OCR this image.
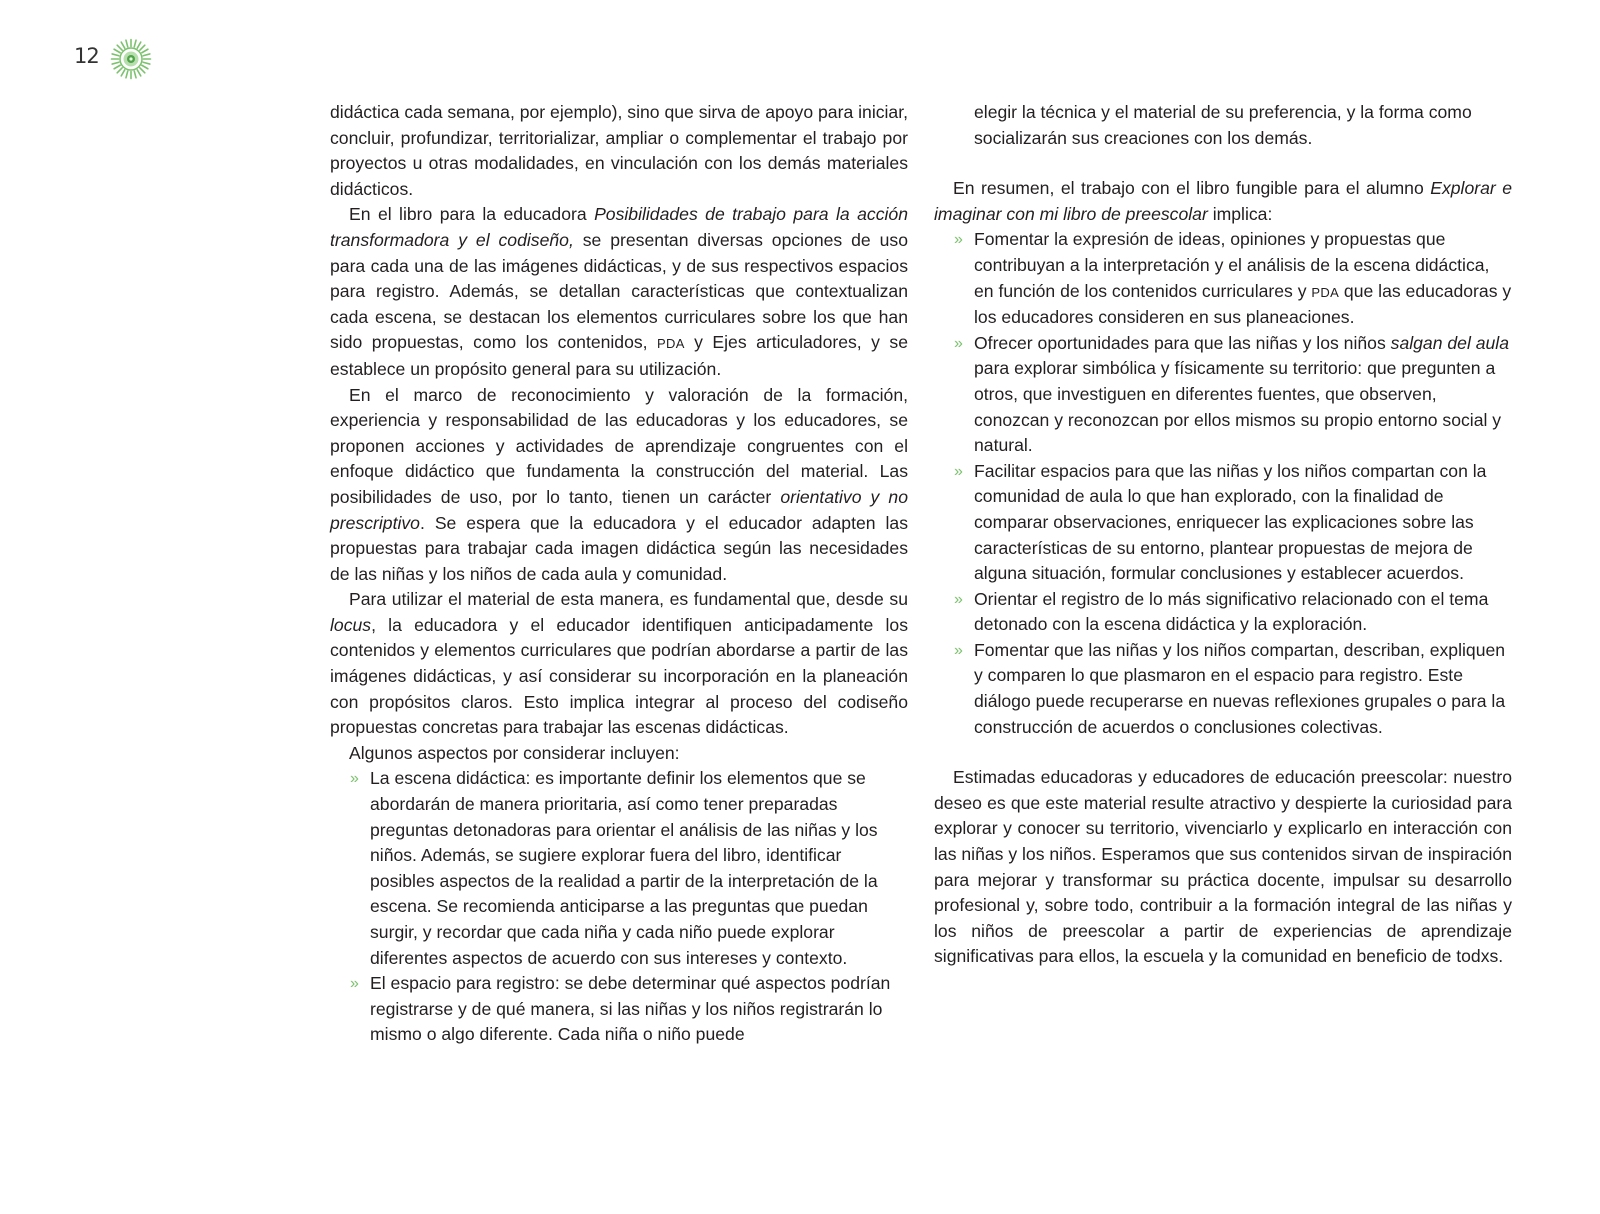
12

didáctica cada semana, por ejemplo), sino que sirva de apoyo para iniciar, concluir, profundizar, territorializar, ampliar o complementar el trabajo por proyectos u otras modalidades, en vinculación con los demás materiales didácticos.

En el libro para la educadora Posibilidades de trabajo para la acción transformadora y el codiseño, se presentan diversas opciones de uso para cada una de las imágenes didácticas, y de sus respectivos espacios para registro. Además, se detallan características que contextualizan cada escena, se destacan los elementos curriculares sobre los que han sido propuestas, como los contenidos, PDA y Ejes articuladores, y se establece un propósito general para su utilización.

En el marco de reconocimiento y valoración de la formación, experiencia y responsabilidad de las educadoras y los educadores, se proponen acciones y actividades de aprendizaje congruentes con el enfoque didáctico que fundamenta la construcción del material. Las posibilidades de uso, por lo tanto, tienen un carácter orientativo y no prescriptivo. Se espera que la educadora y el educador adapten las propuestas para trabajar cada imagen didáctica según las necesidades de las niñas y los niños de cada aula y comunidad.

Para utilizar el material de esta manera, es fundamental que, desde su locus, la educadora y el educador identifiquen anticipadamente los contenidos y elementos curriculares que podrían abordarse a partir de las imágenes didácticas, y así considerar su incorporación en la planeación con propósitos claros. Esto implica integrar al proceso del codiseño propuestas concretas para trabajar las escenas didácticas.

Algunos aspectos por considerar incluyen:

» La escena didáctica: es importante definir los elementos que se abordarán de manera prioritaria, así como tener preparadas preguntas detonadoras para orientar el análisis de las niñas y los niños. Además, se sugiere explorar fuera del libro, identificar posibles aspectos de la realidad a partir de la interpretación de la escena. Se recomienda anticiparse a las preguntas que puedan surgir, y recordar que cada niña y cada niño puede explorar diferentes aspectos de acuerdo con sus intereses y contexto.
» El espacio para registro: se debe determinar qué aspectos podrían registrarse y de qué manera, si las niñas y los niños registrarán lo mismo o algo diferente. Cada niña o niño puede
elegir la técnica y el material de su preferencia, y la forma como socializarán sus creaciones con los demás.

En resumen, el trabajo con el libro fungible para el alumno Explorar e imaginar con mi libro de preescolar implica:

» Fomentar la expresión de ideas, opiniones y propuestas que contribuyan a la interpretación y el análisis de la escena didáctica, en función de los contenidos curriculares y PDA que las educadoras y los educadores consideren en sus planeaciones.
» Ofrecer oportunidades para que las niñas y los niños salgan del aula para explorar simbólica y físicamente su territorio: que pregunten a otros, que investiguen en diferentes fuentes, que observen, conozcan y reconozcan por ellos mismos su propio entorno social y natural.
» Facilitar espacios para que las niñas y los niños compartan con la comunidad de aula lo que han explorado, con la finalidad de comparar observaciones, enriquecer las explicaciones sobre las características de su entorno, plantear propuestas de mejora de alguna situación, formular conclusiones y establecer acuerdos.
» Orientar el registro de lo más significativo relacionado con el tema detonado con la escena didáctica y la exploración.
» Fomentar que las niñas y los niños compartan, describan, expliquen y comparen lo que plasmaron en el espacio para registro. Este diálogo puede recuperarse en nuevas reflexiones grupales o para la construcción de acuerdos o conclusiones colectivas.

Estimadas educadoras y educadores de educación preescolar: nuestro deseo es que este material resulte atractivo y despierte la curiosidad para explorar y conocer su territorio, vivenciarlo y explicarlo en interacción con las niñas y los niños. Esperamos que sus contenidos sirvan de inspiración para mejorar y transformar su práctica docente, impulsar su desarrollo profesional y, sobre todo, contribuir a la formación integral de las niñas y los niños de preescolar a partir de experiencias de aprendizaje significativas para ellos, la escuela y la comunidad en beneficio de todxs.
